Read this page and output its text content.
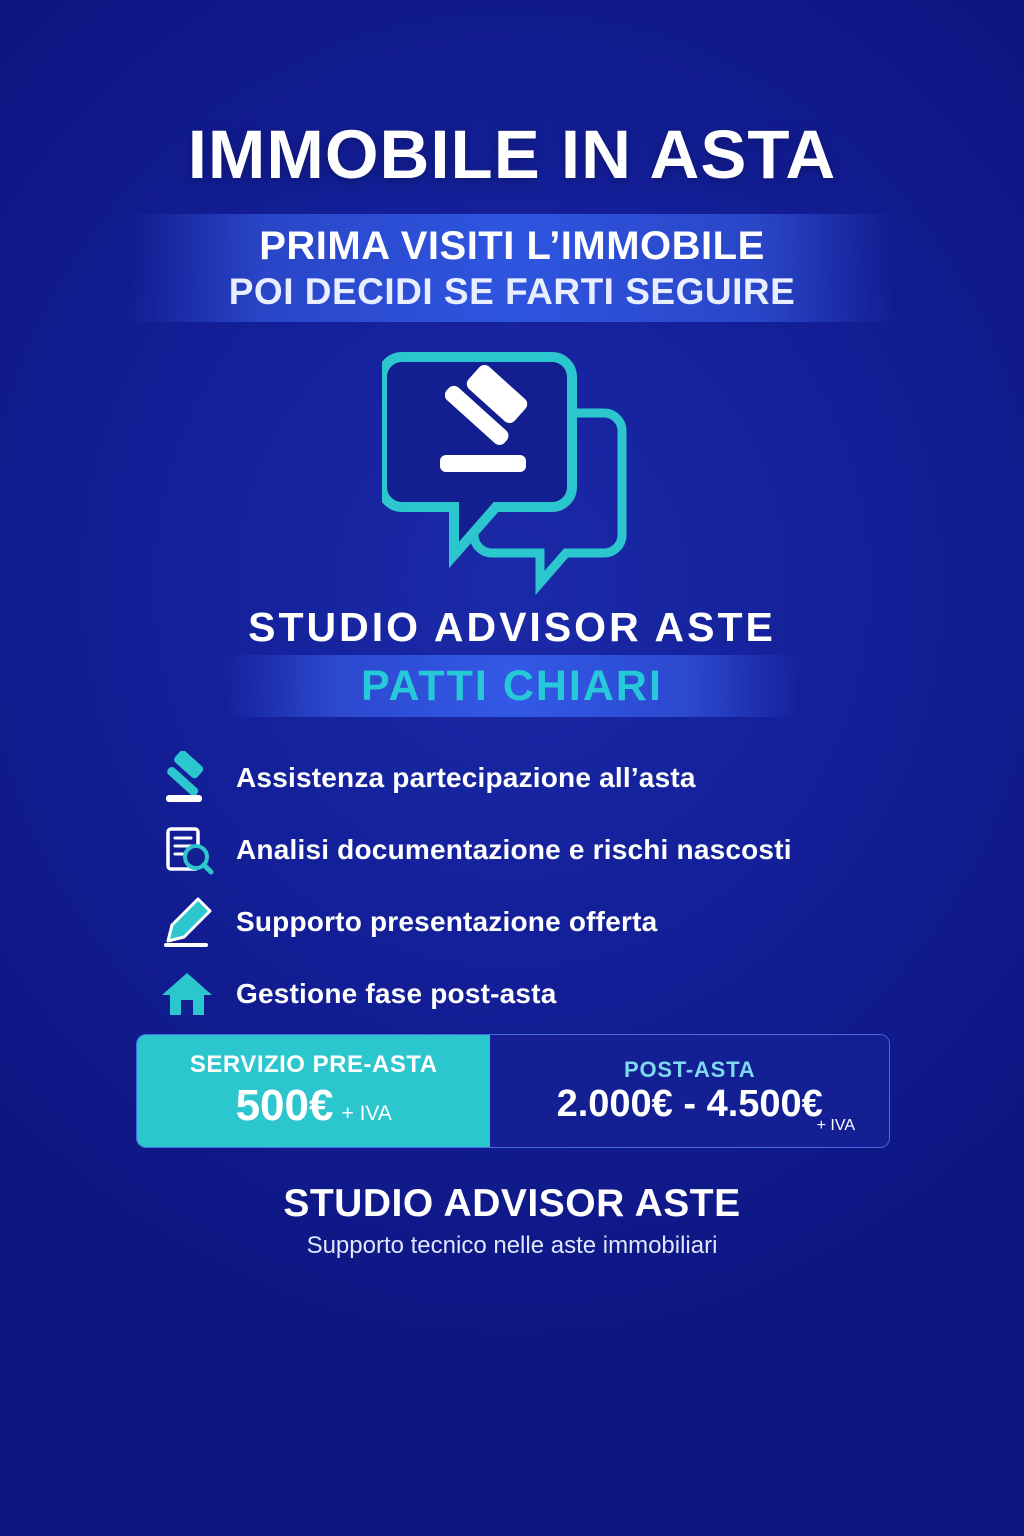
IMMOBILE IN ASTA
PRIMA VISITI L’IMMOBILE
POI DECIDI SE FARTI SEGUIRE
STUDIO ADVISOR ASTE
PATTI CHIARI
Assistenza partecipazione all’asta
Analisi documentazione e rischi nascosti
Supporto presentazione offerta
Gestione fase post-asta
SERVIZIO PRE-ASTA
500€ + IVA
POST-ASTA
2.000€ - 4.500€
+ IVA
STUDIO ADVISOR ASTE
Supporto tecnico nelle aste immobiliari
